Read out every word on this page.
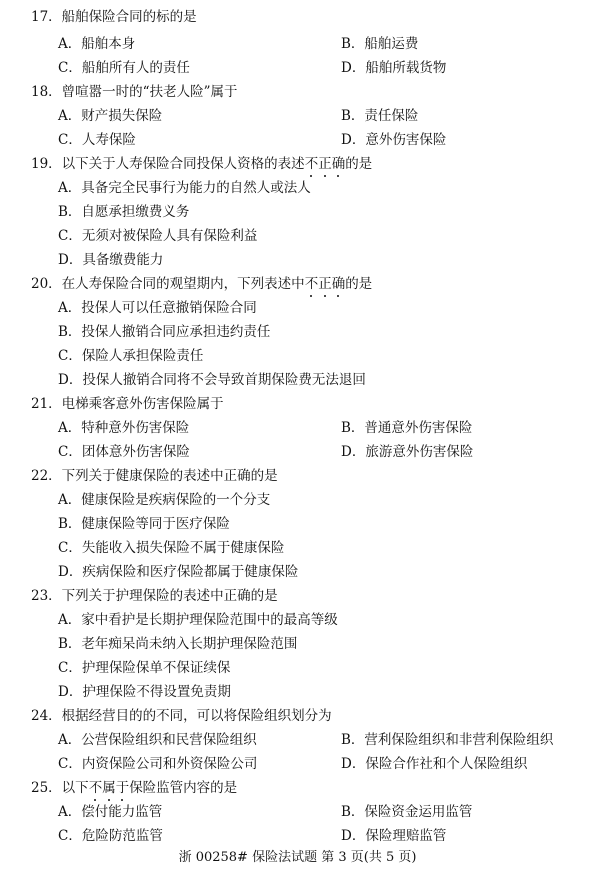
17．船舶保险合同的标的是
A．船舶本身	B．船舶运费
C．船舶所有人的责任	D．船舶所载货物
18．曾喧嚣一时的“扶老人险”属于
A．财产损失保险	B．责任保险
C．人寿保险	D．意外伤害保险
19．以下关于人寿保险合同投保人资格的表述不正确的是
A．具备完全民事行为能力的自然人或法人
B．自愿承担缴费义务
C．无须对被保险人具有保险利益
D．具备缴费能力
20．在人寿保险合同的观望期内，下列表述中不正确的是
A．投保人可以任意撤销保险合同
B．投保人撤销合同应承担违约责任
C．保险人承担保险责任
D．投保人撤销合同将不会导致首期保险费无法退回
21．电梯乘客意外伤害保险属于
A．特种意外伤害保险	B．普通意外伤害保险
C．团体意外伤害保险	D．旅游意外伤害保险
22．下列关于健康保险的表述中正确的是
A．健康保险是疾病保险的一个分支
B．健康保险等同于医疗保险
C．失能收入损失保险不属于健康保险
D．疾病保险和医疗保险都属于健康保险
23．下列关于护理保险的表述中正确的是
A．家中看护是长期护理保险范围中的最高等级
B．老年痴呆尚未纳入长期护理保险范围
C．护理保险保单不保证续保
D．护理保险不得设置免责期
24．根据经营目的的不同，可以将保险组织划分为
A．公营保险组织和民营保险组织	B．营利保险组织和非营利保险组织
C．内资保险公司和外资保险公司	D．保险合作社和个人保险组织
25．以下不属于保险监管内容的是
A．偿付能力监管	B．保险资金运用监管
C．危险防范监管	D．保险理赔监管
浙 00258# 保险法试题 第 3 页(共 5 页)
